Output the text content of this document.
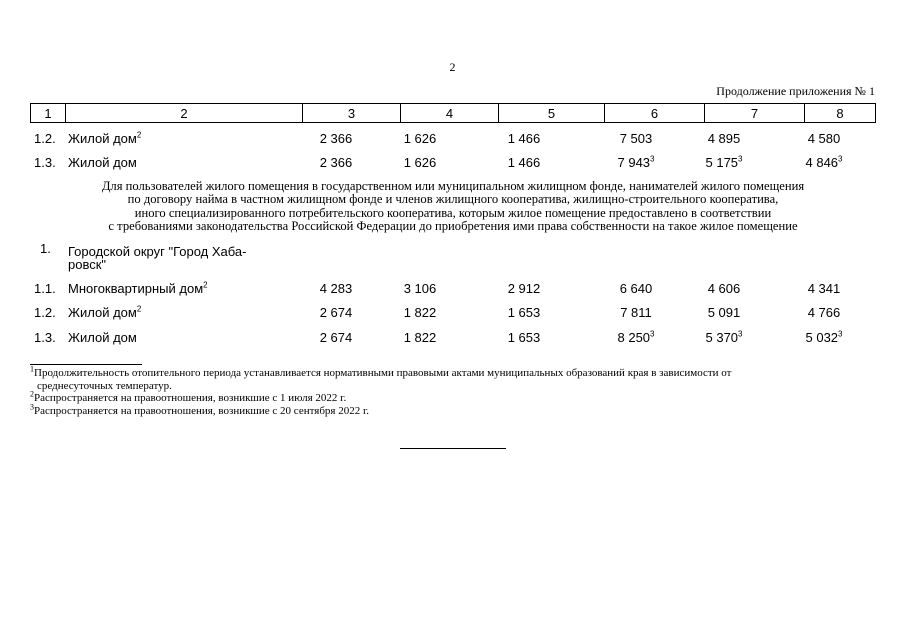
2
Продолжение приложения № 1
1	2	3	4	5	6	7	8
1.2. Жилой дом$^2$	2 366	1 626	1 466	7 503	4 895	4 580
1.3. Жилой дом	2 366	1 626	1 466	7 $943^3$	5 $175^3$	4 $846^3$
Для пользователей жилого помещения в государственном или муниципальном жилищном фонде, нанимателей жилого помещения
по договору найма в частном жилищном фонде и членов жилищного кооператива, жилищно-строительного кооператива,
иного специализированного потребительского кооператива, которым жилое помещение предоставлено в соответствии
с требованиями законодательства Российской Федерации до приобретения ими права собственности на такое жилое помещение
1. Городской округ "Город Хаба-ровск"
1.1. Многоквартирный дом$^2$	4 283	3 106	2 912	6 640	4 606	4 341
1.2. Жилой дом$^2$	2 674	1 822	1 653	7 811	5 091	4 766
1.3. Жилой дом	2 674	1 822	1 653	8 $250^3$	5 $370^3$	5 $032^3$
$^1$Продолжительность отопительного периода устанавливается нормативными правовыми актами муниципальных образований края в зависимости от
среднесуточных температур.
$^2$Распространяется на правоотношения, возникшие с 1 июля 2022 г.
$^3$Распространяется на правоотношения, возникшие с 20 сентября 2022 г.
